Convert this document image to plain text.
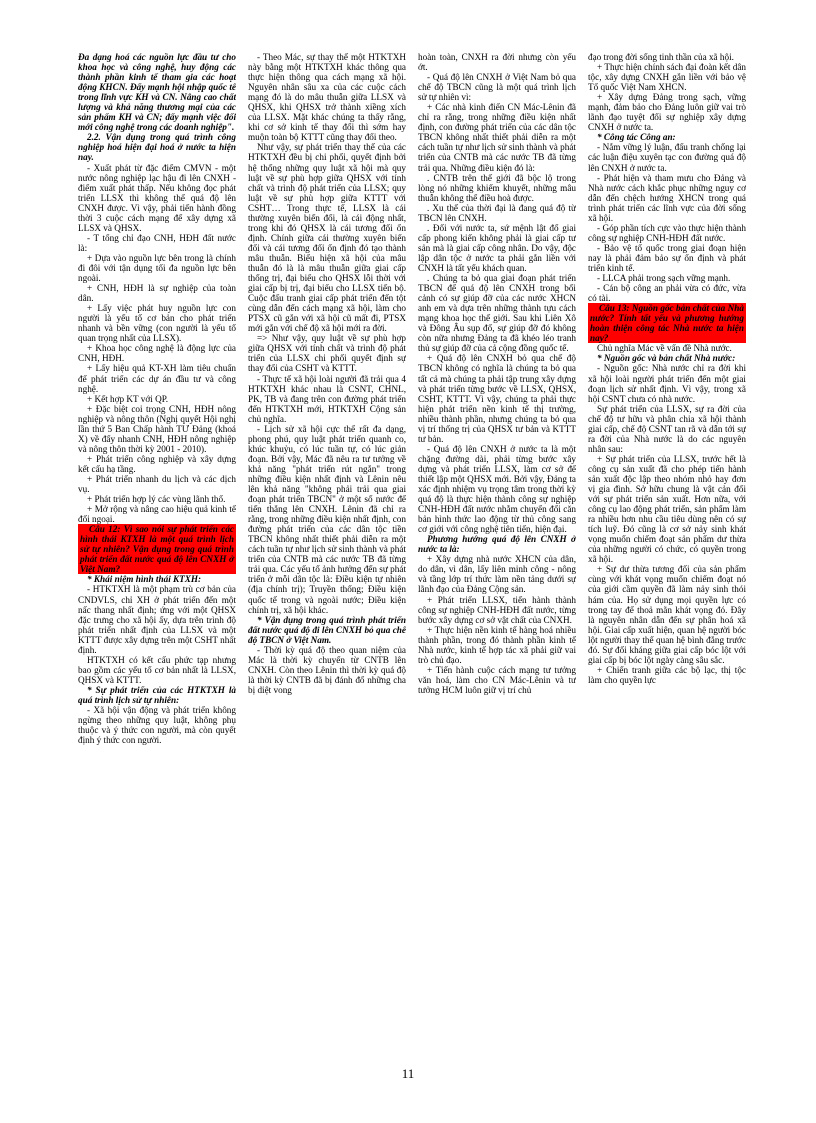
Đa dạng hoá các nguồn lực đầu tư cho khoa học và công nghệ, huy động các thành phần kinh tế tham gia các hoạt động KHCN. Đẩy mạnh hội nhập quốc tế trong lĩnh vực KH và CN. Nâng cao chất lượng và khả năng thương mại của các sản phẩm KH và CN; đẩy mạnh việc đổi mới công nghệ trong các doanh nghiệp".

2.2. Vận dụng trong quá trình công nghiệp hoá hiện đại hoá ở nước ta hiện nay.

- Xuất phát từ đặc điểm CMVN - một nước nông nghiệp lạc hậu đi lên CNXH - điểm xuất phát thấp. Nếu không đọc phát triển LLSX thì không thể quá độ lên CNXH được. Vì vậy, phải tiến hành đồng thời 3 cuộc cách mạng để xây dựng xã LLSX và QHSX.

- T tổng chỉ đạo CNH, HĐH đất nước là:

+ Dựa vào nguồn lực bên trong là chính đi đôi với tận dụng tối đa nguồn lực bên ngoài.

+ CNH, HĐH là sự nghiệp của toàn dân.

+ Lấy việc phát huy nguồn lực con người là yếu tố cơ bản cho phát triển nhanh và bền vững (con người là yếu tố quan trọng nhất của LLSX).

+ Khoa học công nghệ là động lực của CNH, HĐH.

+ Lấy hiệu quả KT-XH làm tiêu chuẩn để phát triển các dự án đầu tư và công nghệ.

+ Kết hợp KT với QP.

+ Đặc biệt coi trọng CNH, HĐH nông nghiệp và nông thôn (Nghị quyết Hội nghị lần thứ 5 Ban Chấp hành TƯ Đảng (khoá X) về đẩy nhanh CNH, HĐH nông nghiệp và nông thôn thời kỳ 2001 - 2010).

+ Phát triển công nghiệp và xây dựng kết cấu hạ tầng.

+ Phát triển nhanh du lịch và các dịch vụ.

+ Phát triển hợp lý các vùng lãnh thổ.

+ Mở rộng và nâng cao hiệu quả kinh tế đối ngoại.

Câu 12: Vì sao nói sự phát triển các hình thái KTXH là một quá trình lịch sử tự nhiên? Vận dụng trong quá trình phát triển đất nước quá độ lên CNXH ở Việt Nam?

* Khái niệm hình thái KTXH:

- HTKTXH là một phạm trù cơ bản của CNDVLS, chỉ XH ở phát triển đến một nấc thang nhất định; ứng với một QHSX đặc trưng cho xã hội ấy, dựa trên trình độ phát triển nhất định của LLSX và một KTTT được xây dựng trên một CSHT nhất định.

HTKTXH có kết cấu phức tạp nhưng bao gồm các yếu tố cơ bản nhất là LLSX, QHSX và KTTT.

* Sự phát triển của các HTKTXH là quá trình lịch sử tự nhiên:

- Xã hội vận động và phát triển không ngừng theo những quy luật, không phụ thuộc và ý thức con người, mà còn quyết định ý thức con người.

- Theo Mác, sự thay thế một HTKTXH này bằng một HTKTXH khác thông qua thực hiện thông qua cách mạng xã hội. Nguyên nhân sâu xa của các cuộc cách mạng đó là do mâu thuẫn giữa LLSX và QHSX, khi QHSX trở thành xiềng xích của LLSX. Mặt khác chúng ta thấy rằng, khi cơ sở kinh tế thay đổi thì sớm hay muộn toàn bộ KTTT cũng thay đổi theo.

Như vậy, sự phát triển thay thế của các HTKTXH đều bị chi phối, quyết định bởi hệ thống những quy luật xã hội mà quy luật về sự phù hợp giữa QHSX với tính chất và trình độ phát triển của LLSX; quy luật về sự phù hợp giữa KTTT với CSHT… Trong thực tế, LLSX là cái thường xuyên biến đổi, là cái động nhất, trong khi đó QHSX là cái tương đối ổn định. Chính giữa cái thường xuyên biến đổi và cái tương đối ổn định đó tạo thành mâu thuẫn. Biểu hiện xã hội của mâu thuẫn đó là là mâu thuẫn giữa giai cấp thống trị, đại biểu cho QHSX lỗi thời với giai cấp bị trị, đại biểu cho LLSX tiến bộ. Cuộc đấu tranh giai cấp phát triển đến tột cùng dẫn đến cách mạng xã hội, làm cho PTSX cũ gắn với xã hội cũ mất đi, PTSX mới gắn với chế độ xã hội mới ra đời.

=> Như vậy, quy luật về sự phù hợp giữa QHSX với tính chất và trình độ phát triển của LLSX chi phối quyết định sự thay đổi của CSHT và KTTT.

- Thực tế xã hội loài người đã trải qua 4 HTKTXH khác nhau là CSNT, CHNL, PK, TB và đang trên con đường phát triển đến HTKTXH mới, HTKTXH Cộng sản chủ nghĩa.

- Lịch sử xã hội cực thể rất đa dạng, phong phú, quy luật phát triển quanh co, khúc khuỷu, có lúc tuần tự, có lúc giản đoạn. Bởi vậy, Mác đã nêu ra tư tưởng về khả năng "phát triển rút ngắn" trong những điều kiện nhất định và Lênin nêu lên khả năng "không phải trải qua giai đoạn phát triển TBCN" ở một số nước để tiến thẳng lên CNXH. Lênin đã chỉ ra rằng, trong những điều kiện nhất định, con đường phát triển của các dân tộc tiền TBCN không nhất thiết phải diễn ra một cách tuần tự như lịch sử sinh thành và phát triển của CNTB mà các nước TB đã từng trải qua. Các yếu tố ảnh hưởng đến sự phát triển ở mỗi dân tộc là: Điều kiện tự nhiên (địa chính trị); Truyền thống; Điều kiện quốc tế trong và ngoài nước; Điều kiện chính trị, xã hội khác.

* Vận dụng trong quá trình phát triển đất nước quá độ đi lên CNXH bỏ qua chế độ TBCN ở Việt Nam.

- Thời kỳ quá độ theo quan niệm của Mác là thời kỳ chuyển từ CNTB lên CNXH. Còn theo Lênin thì thời kỳ quá độ là thời kỳ CNTB đã bị đánh đổ những cha bị diệt vong

hoàn toàn, CNXH ra đời nhưng còn yếu ớt.

- Quá độ lên CNXH ở Việt Nam bỏ qua chế độ TBCN cũng là một quá trình lịch sử tự nhiên vì:

+ Các nhà kinh điển CN Mác-Lênin đã chỉ ra rằng, trong những điều kiện nhất định, con đường phát triển của các dân tộc TBCN không nhất thiết phải diễn ra một cách tuần tự như lịch sử sinh thành và phát triển của CNTB mà các nước TB đã từng trải qua. Những điều kiện đó là:

. CNTB trên thế giới đã bộc lộ trong lòng nó những khiếm khuyết, những mâu thuẫn không thể điều hoà được.

. Xu thế của thời đại là đang quá độ từ TBCN lên CNXH.

. Đối với nước ta, sứ mệnh lật đổ giai cấp phong kiến không phải là giai cấp tư sản mà là giai cấp công nhân. Do vậy, độc lập dân tộc ở nước ta phải gắn liền với CNXH là tất yếu khách quan.

. Chúng ta bỏ qua giai đoạn phát triển TBCN để quá độ lên CNXH trong bối cảnh có sự giúp đỡ của các nước XHCN anh em và dựa trên những thành tựu cách mạng khoa học thế giới. Sau khi Liên Xô và Đông Âu sụp đổ, sự giúp đỡ đó không còn nữa nhưng Đảng ta đã khéo léo tranh thủ sự giúp đỡ của cả cộng đồng quốc tế.

+ Quá độ lên CNXH bỏ qua chế độ TBCN không có nghĩa là chúng ta bỏ qua tất cả mà chúng ta phải tập trung xây dựng và phát triển từng bước về LLSX, QHSX, CSHT, KTTT. Vì vậy, chúng ta phải thực hiện phát triển nền kinh tế thị trường, nhiều thành phần, nhưng chúng ta bỏ qua vị trí thống trị của QHSX tư bản và KTTT tư bản.

- Quá độ lên CNXH ở nước ta là một chặng đường dài, phải từng bước xây dựng và phát triển LLSX, làm cơ sở để thiết lập một QHSX mới. Bởi vậy, Đảng ta xác định nhiệm vụ trọng tâm trong thời kỳ quá độ là thực hiện thành công sự nghiệp CNH-HĐH đất nước nhằm chuyển đổi căn bản hình thức lao động từ thủ công sang cơ giới với công nghệ tiên tiến, hiện đại.

Phương hướng quá độ lên CNXH ở nước ta là:

+ Xây dựng nhà nước XHCN của dân, do dân, vì dân, lấy liên minh công - nông và tầng lớp trí thức làm nền tảng dưới sự lãnh đạo của Đảng Cộng sản.

+ Phát triển LLSX, tiến hành thành công sự nghiệp CNH-HĐH đất nước, từng bước xây dựng cơ sở vật chất của CNXH.

+ Thực hiện nền kinh tế hàng hoá nhiều thành phần, trong đó thành phần kinh tế Nhà nước, kinh tế hợp tác xã phải giữ vai trò chủ đạo.

+ Tiến hành cuộc cách mạng tư tưởng văn hoá, làm cho CN Mác-Lênin và tư tưởng HCM luôn giữ vị trí chủ

đạo trong đời sống tinh thần của xã hội.

+ Thực hiện chính sách đại đoàn kết dân tộc, xây dựng CNXH gắn liền với bảo vệ Tổ quốc Việt Nam XHCN.

+ Xây dựng Đảng trong sạch, vững mạnh, đảm bảo cho Đảng luôn giữ vai trò lãnh đạo tuyệt đối sự nghiệp xây dựng CNXH ở nước ta.

* Công tác Công an:

- Nắm vững lý luận, đấu tranh chống lại các luận điệu xuyên tạc con đường quá độ lên CNXH ở nước ta.

- Phát hiện và tham mưu cho Đảng và Nhà nước cách khắc phục những nguy cơ dẫn đến chệch hướng XHCN trong quá trình phát triển các lĩnh vực của đời sống xã hội.

- Góp phần tích cực vào thực hiện thành công sự nghiệp CNH-HĐH đất nước.

- Bảo vệ tổ quốc trong giai đoạn hiện nay là phải đảm bảo sự ổn định và phát triển kinh tế.

- LLCA phải trong sạch vững mạnh.

- Cán bộ công an phải vừa có đức, vừa có tài.

Câu 13: Nguồn gốc bản chất của Nhà nước? Tính tất yếu và phương hướng hoàn thiện công tác Nhà nước ta hiện nay?

Chủ nghĩa Mác về vấn đề Nhà nước.

* Nguồn gốc và bản chất Nhà nước:

- Nguồn gốc: Nhà nước chỉ ra đời khi xã hội loài người phát triển đến một giai đoạn lịch sử nhất định. Vì vậy, trong xã hội CSNT chưa có nhà nước.

Sự phát triển của LLSX, sự ra đời của chế độ tư hữu và phân chia xã hội thành giai cấp, chế độ CSNT tan rã và dẫn tới sự ra đời của Nhà nước là do các nguyên nhân sau:

+ Sự phát triển của LLSX, trước hết là công cụ sản xuất đã cho phép tiến hành sản xuất độc lập theo nhóm nhỏ hay đơn vị gia đình. Sở hữu chung là vật cản đối với sự phát triển sản xuất. Hơn nữa, với công cụ lao động phát triển, sản phẩm làm ra nhiều hơn nhu cầu tiêu dùng nên có sự tích luỹ. Đó cũng là cơ sở nảy sinh khát vọng muốn chiếm đoạt sản phẩm dư thừa của những người có chức, có quyền trong xã hội.

+ Sự dư thừa tương đối của sản phẩm cùng với khát vọng muốn chiếm đoạt nó của giới cầm quyền đã làm nảy sinh thói hám của. Họ sử dụng mọi quyền lực có trong tay để thoả mãn khát vọng đó. Đây là nguyên nhân dẫn đến sự phân hoá xã hội. Giai cấp xuất hiện, quan hệ người bóc lột người thay thế quan hệ bình đẳng trước đó. Sự đối kháng giữa giai cấp bóc lột với giai cấp bị bóc lột ngày càng sâu sắc.

+ Chiến tranh giữa các bộ lạc, thị tộc làm cho quyền lực

11
